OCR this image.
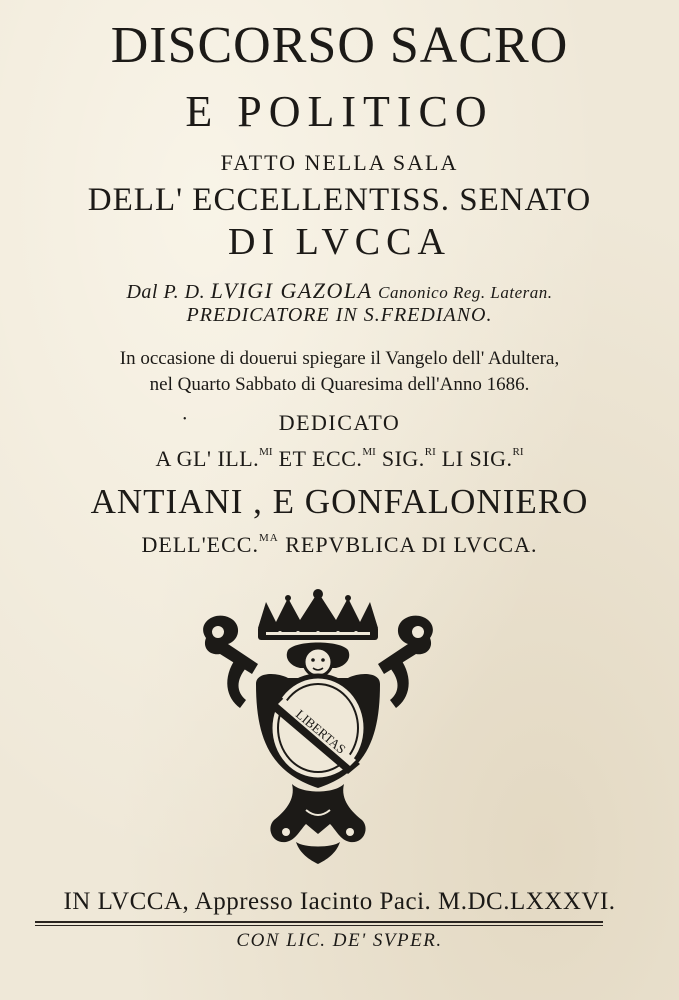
DISCORSO SACRO
E POLITICO
FATTO NELLA SALA
DELL' ECCELLENTISS. SENATO
DI LVCCA
Dal P. D. LVIGI GAZOLA Canonico Reg. Lateran.
PREDICATORE IN S.FREDIANO.
In occasione di douerui spiegare il Vangelo dell' Adultera,
nel Quarto Sabbato di Quaresima dell'Anno 1686.
•	DEDICATO
A GL' ILL.$^{MI}$ ET ECC.$^{MI}$ SIG.$^{RI}$ LI SIG.$^{RI}$
ANTIANI , E GONFALONIERO
DELL'ECC.$^{MA}$ REPVBLICA DI LVCCA.
LIBERTAS
IN LVCCA, Appresso Iacinto Paci. M.DC.LXXXVI.
CON LIC. DE' SVPER.
